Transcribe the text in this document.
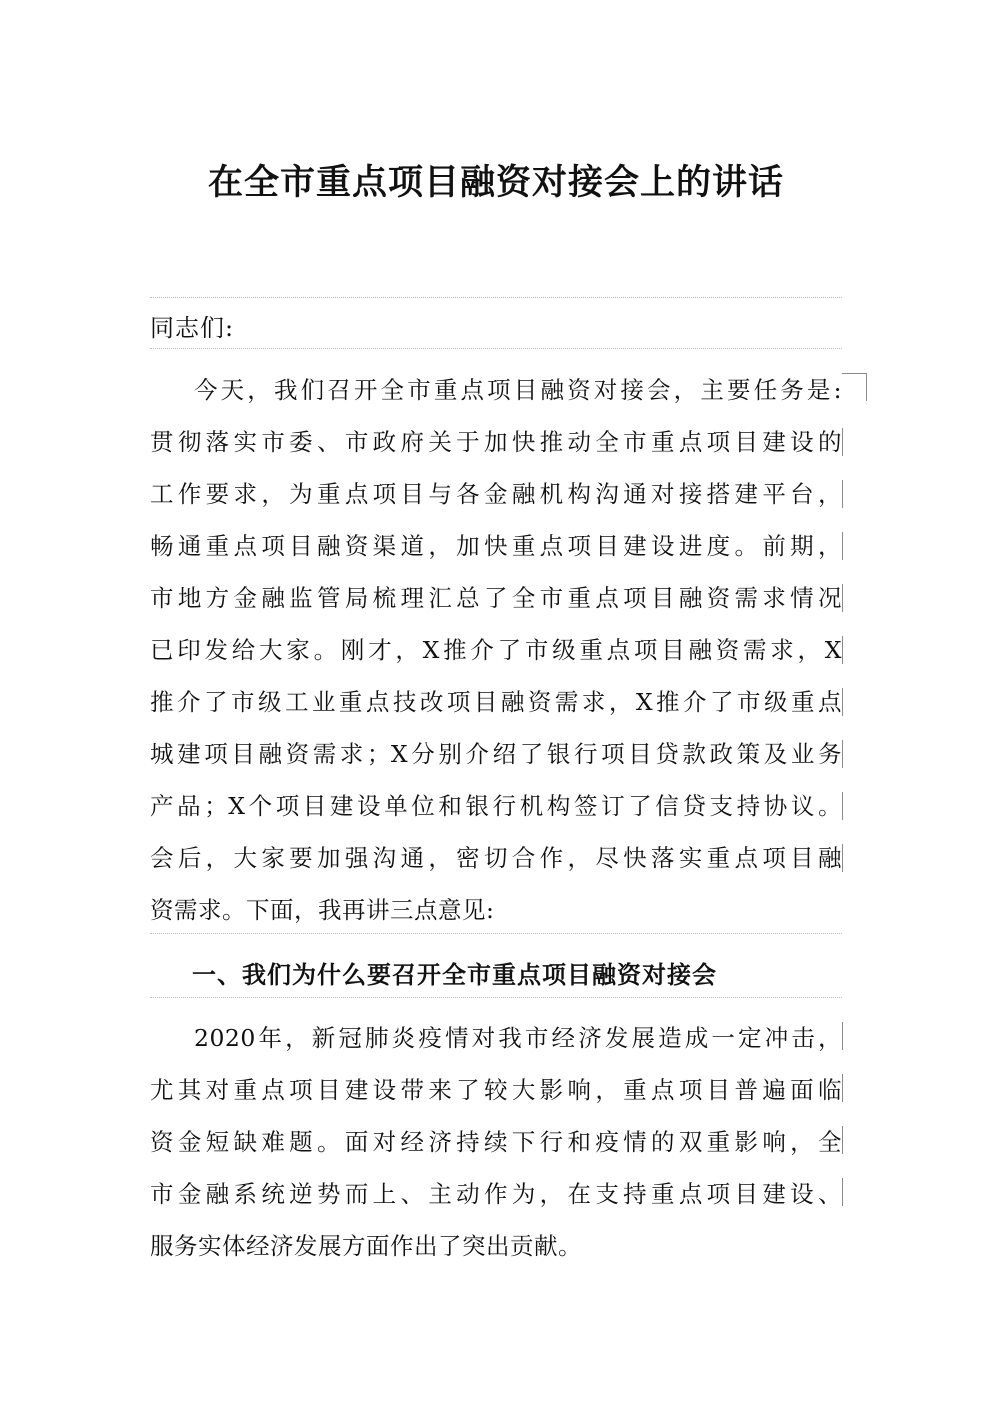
在全市重点项目融资对接会上的讲话
同志们:
今天，我们召开全市重点项目融资对接会，主要任务是:
贯彻落实市委、市政府关于加快推动全市重点项目建设的
工作要求，为重点项目与各金融机构沟通对接搭建平台，
畅通重点项目融资渠道，加快重点项目建设进度。前期，
市地方金融监管局梳理汇总了全市重点项目融资需求情况
已印发给大家。刚才，X推介了市级重点项目融资需求，X
推介了市级工业重点技改项目融资需求，X推介了市级重点
城建项目融资需求；X分别介绍了银行项目贷款政策及业务
产品；X个项目建设单位和银行机构签订了信贷支持协议。
会后，大家要加强沟通，密切合作，尽快落实重点项目融
资需求。下面，我再讲三点意见:
一、我们为什么要召开全市重点项目融资对接会
2020年，新冠肺炎疫情对我市经济发展造成一定冲击，
尤其对重点项目建设带来了较大影响，重点项目普遍面临
资金短缺难题。面对经济持续下行和疫情的双重影响，全
市金融系统逆势而上、主动作为，在支持重点项目建设、
服务实体经济发展方面作出了突出贡献。
